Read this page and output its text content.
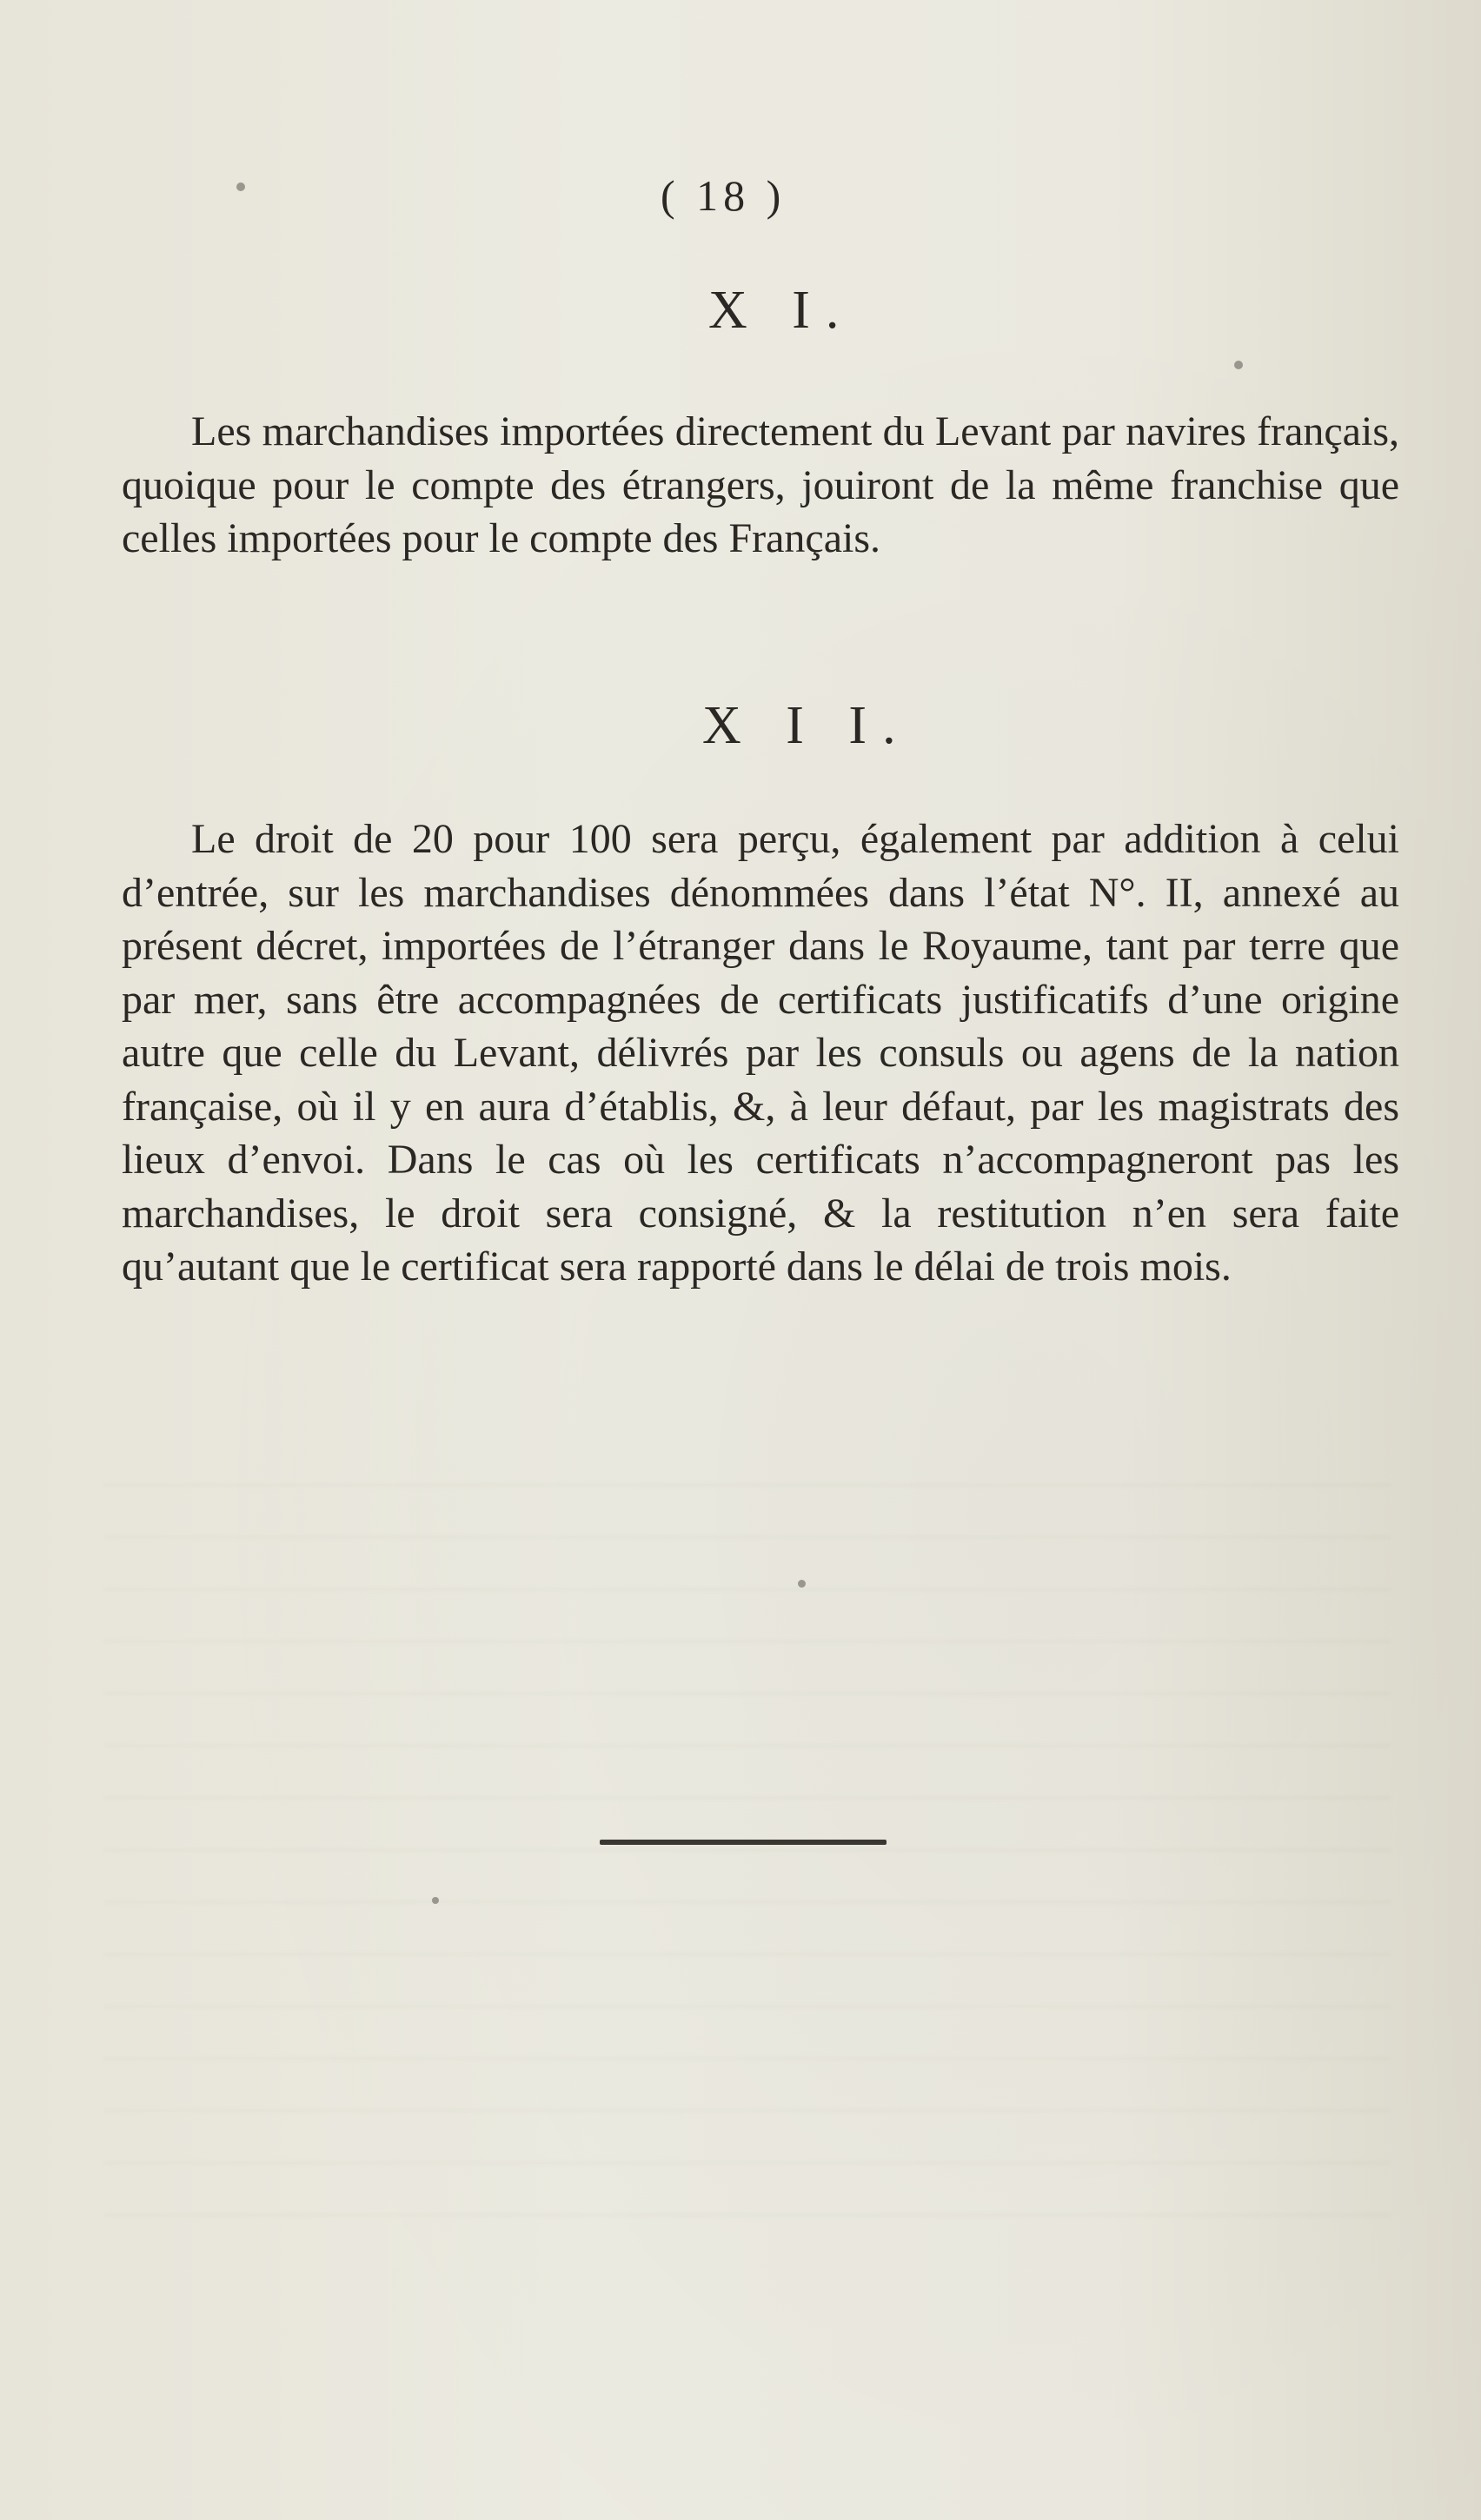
( 18 )
X I.

Les marchandises importées directement du Levant par navires français, quoique pour le compte des étrangers, jouiront de la même franchise que celles importées pour le compte des Français.

X I I.

Le droit de 20 pour 100 sera perçu, également par addition à celui d’entrée, sur les marchandises dénommées dans l’état N°. II, annexé au présent décret, importées de l’étranger dans le Royaume, tant par terre que par mer, sans être accompagnées de certificats justificatifs d’une origine autre que celle du Levant, délivrés par les consuls ou agens de la nation française, où il y en aura d’établis, &, à leur défaut, par les magistrats des lieux d’envoi. Dans le cas où les certificats n’accompagneront pas les marchandises, le droit sera consigné, & la restitution n’en sera faite qu’autant que le certificat sera rapporté dans le délai de trois mois.
